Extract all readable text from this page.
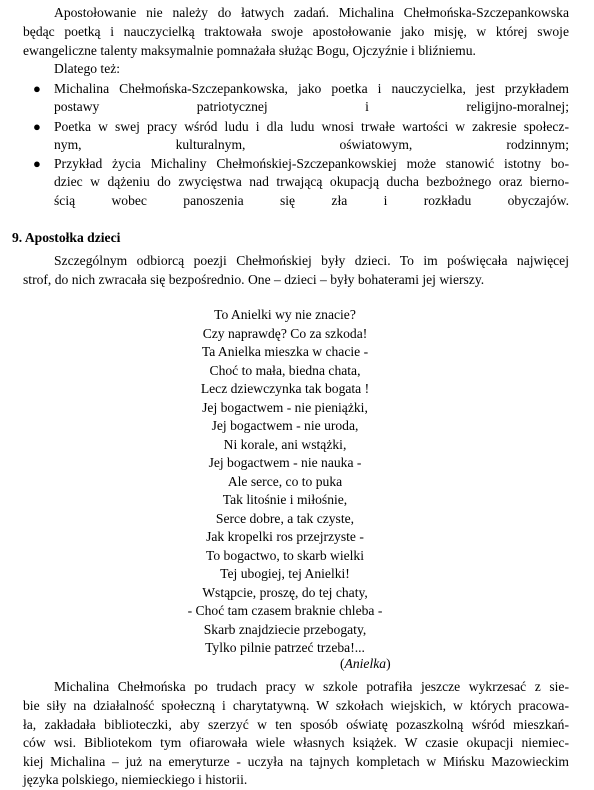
Apostołowanie nie należy do łatwych zadań. Michalina Chełmońska-Szczepankowska
będąc poetką i nauczycielką traktowała swoje apostołowanie jako misję, w której swoje
ewangeliczne talenty maksymalnie pomnażała służąc Bogu, Ojczyźnie i bliźniemu.
Dlatego też:
● Michalina Chełmońska-Szczepankowska, jako poetka i nauczycielka, jest przykładem
postawy patriotycznej i religijno-moralnej;
● Poetka w swej pracy wśród ludu i dla ludu wnosi trwałe wartości w zakresie społecz-
nym, kulturalnym, oświatowym, rodzinnym;
● Przykład życia Michaliny Chełmońskiej-Szczepankowskiej może stanowić istotny bo-
dziec w dążeniu do zwycięstwa nad trwającą okupacją ducha bezbożnego oraz bierno-
ścią wobec panoszenia się zła i rozkładu obyczajów.
9. Apostołka dzieci
Szczególnym odbiorcą poezji Chełmońskiej były dzieci. To im poświęcała najwięcej
strof, do nich zwracała się bezpośrednio. One – dzieci – były bohaterami jej wierszy.
To Anielki wy nie znacie?
Czy naprawdę? Co za szkoda!
Ta Anielka mieszka w chacie -
Choć to mała, biedna chata,
Lecz dziewczynka tak bogata !
Jej bogactwem - nie pieniążki,
Jej bogactwem - nie uroda,
Ni korale, ani wstążki,
Jej bogactwem - nie nauka -
Ale serce, co to puka
Tak litośnie i miłośnie,
Serce dobre, a tak czyste,
Jak kropelki ros przejrzyste -
To bogactwo, to skarb wielki
Tej ubogiej, tej Anielki!
Wstąpcie, proszę, do tej chaty,
- Choć tam czasem braknie chleba -
Skarb znajdziecie przebogaty,
Tylko pilnie patrzeć trzeba!...
(Anielka)
Michalina Chełmońska po trudach pracy w szkole potrafiła jeszcze wykrzesać z sie-
bie siły na działalność społeczną i charytatywną. W szkołach wiejskich, w których pracowa-
ła, zakładała biblioteczki, aby szerzyć w ten sposób oświatę pozaszkolną wśród mieszkań-
ców wsi. Bibliotekom tym ofiarowała wiele własnych książek. W czasie okupacji niemiec-
kiej Michalina – już na emeryturze - uczyła na tajnych kompletach w Mińsku Mazowieckim
języka polskiego, niemieckiego i historii.
